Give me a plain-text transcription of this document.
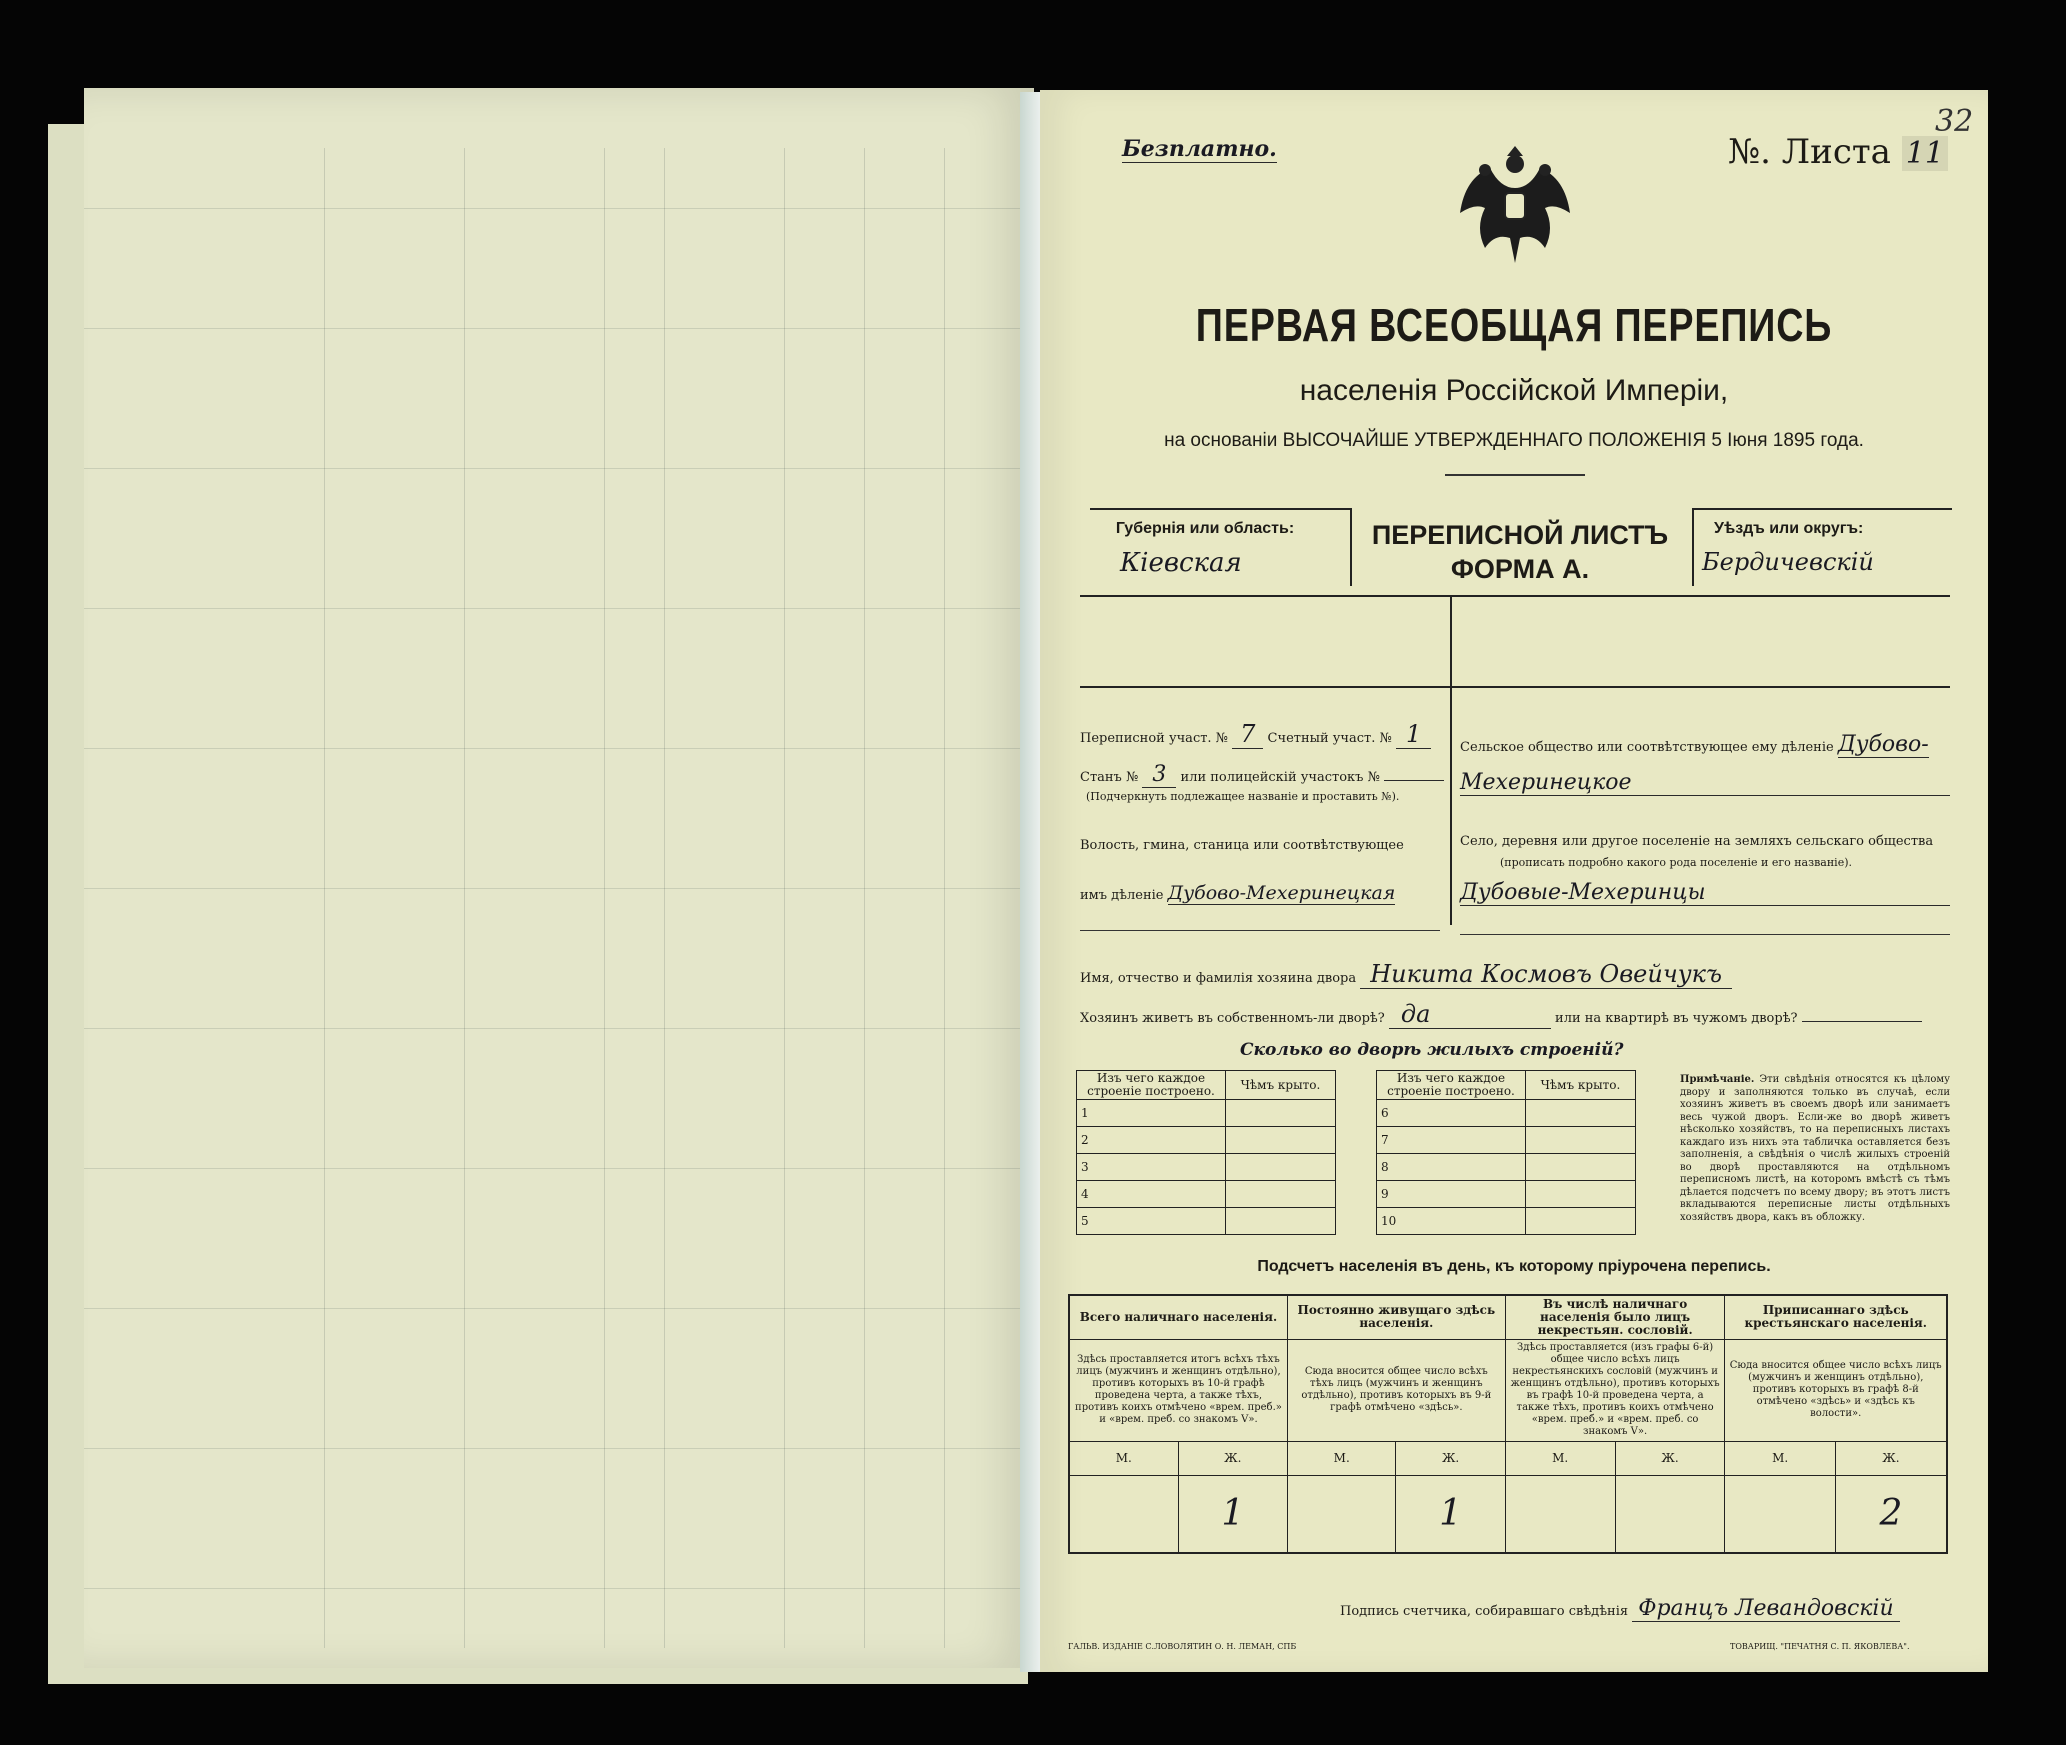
Безплатно.	№. Листа 11
32
ПЕРВАЯ ВСЕОБЩАЯ ПЕРЕПИСЬ
населенія Россійской Имперіи,
на основаніи ВЫСОЧАЙШЕ УТВЕРЖДЕННАГО ПОЛОЖЕНІЯ 5 Іюня 1895 года.
Губернія или область:
Кіевская
ПЕРЕПИСНОЙ ЛИСТЪ
ФОРМА А.
Уѣздъ или округъ:
Бердичевскій
Переписной участ. № 7 Счетный участ. № 1
Станъ № 3 или полицейскій участокъ №
(Подчеркнуть подлежащее названіе и проставить №).
Волость, гмина, станица или соотвѣтствующее
имъ дѣленіе Дубово-Мехеринецкая
Сельское общество или соотвѣтствующее ему дѣленіе Дубово-
Мехеринецкое
Село, деревня или другое поселеніе на земляхъ сельскаго общества
(прописать подробно какого рода поселеніе и его названіе).
Дубовые-Мехеринцы
Имя, отчество и фамилія хозяина двора Никита Космовъ Овейчукъ
Хозяинъ живетъ въ собственномъ-ли дворѣ? да	или на квартирѣ въ чужомъ дворѣ?
Сколько во дворѣ жилыхъ строеній?
Изъ чего каждое строеніе построено.	Чѣмъ крыто.
1	
2	
3	
4	
5	
Изъ чего каждое строеніе построено.	Чѣмъ крыто.
6	
7	
8	
9	
10	
Примѣчаніе. Эти свѣдѣнія относятся къ цѣлому двору и заполняются только въ случаѣ, если хозяинъ живетъ въ своемъ дворѣ или занимаетъ весь чужой дворъ. Если-же во дворѣ живетъ нѣсколько хозяйствъ, то на переписныхъ листахъ каждаго изъ нихъ эта табличка оставляется безъ заполненія, а свѣдѣнія о числѣ жилыхъ строеній во дворѣ проставляются на отдѣльномъ переписномъ листѣ, на которомъ вмѣстѣ съ тѣмъ дѣлается подсчетъ по всему двору; въ этотъ листъ вкладываются переписные листы отдѣльныхъ хозяйствъ двора, какъ въ обложку.
Подсчетъ населенія въ день, къ которому пріурочена перепись.
Всего наличнаго населенія.		Постоянно живущаго здѣсь населенія.		Въ числѣ наличнаго населенія было лицъ некрестьян. сословій.		Приписаннаго здѣсь крестьянскаго населенія.	
Здѣсь проставляется итогъ всѣхъ тѣхъ лицъ (мужчинъ и женщинъ отдѣльно), противъ которыхъ въ 10-й графѣ проведена черта, а также тѣхъ, противъ коихъ отмѣчено «врем. преб.» и «врем. преб. со знакомъ V».		Сюда вносится общее число всѣхъ тѣхъ лицъ (мужчинъ и женщинъ отдѣльно), противъ которыхъ въ 9-й графѣ отмѣчено «здѣсь».		Здѣсь проставляется (изъ графы 6-й) общее число всѣхъ лицъ некрестьянскихъ сословій (мужчинъ и женщинъ отдѣльно), противъ которыхъ въ графѣ 10-й проведена черта, а также тѣхъ, противъ коихъ отмѣчено «врем. преб.» и «врем. преб. со знакомъ V».		Сюда вносится общее число всѣхъ лицъ (мужчинъ и женщинъ отдѣльно), противъ которыхъ въ графѣ 8-й отмѣчено «здѣсь» и «здѣсь къ волости».	
М.	Ж.	М.	Ж.	М.	Ж.	М.	Ж.
	1		1				2
Подпись счетчика, собиравшаго свѣдѣнія Францъ Левандовскій
ГАЛЬВ. ИЗДАНІЕ С.ЛОВОЛЯТИН О. Н. ЛЕМАН, СПБ	ТОВАРИЩ. "ПЕЧАТНЯ С. П. ЯКОВЛЕВА".
